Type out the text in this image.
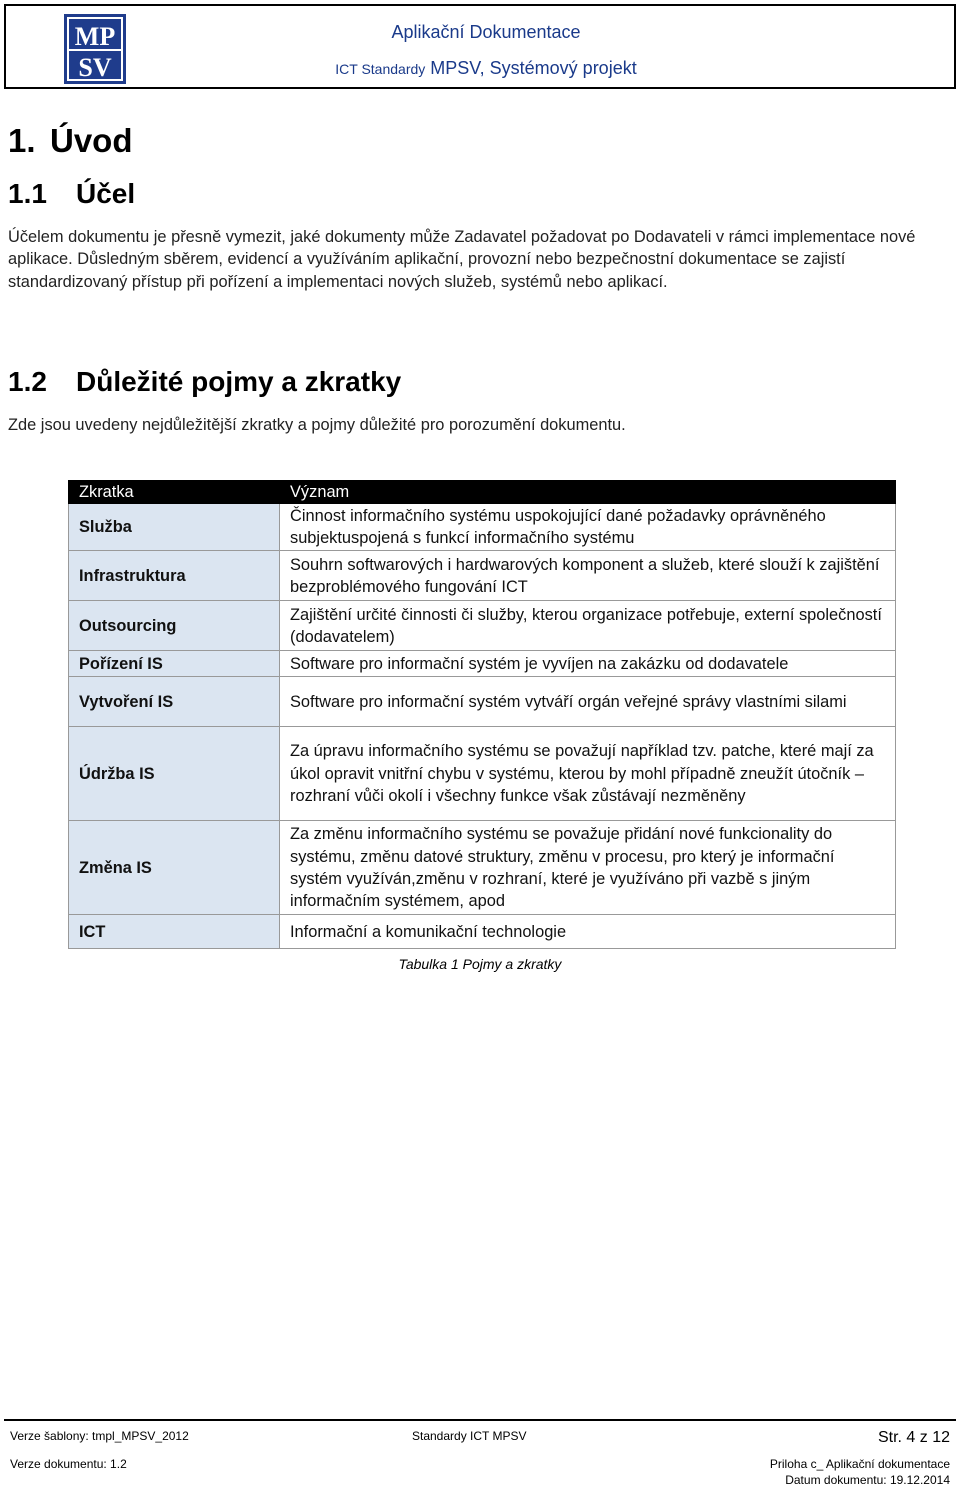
MP
SV
Aplikační Dokumentace
ICT Standardy MPSV, Systémový projekt
1. Úvod
1.1 Účel
Účelem dokumentu je přesně vymezit, jaké dokumenty může Zadavatel požadovat po Dodavateli v rámci implementace nové aplikace. Důsledným sběrem, evidencí a využíváním aplikační, provozní nebo bezpečnostní dokumentace se zajistí standardizovaný přístup při pořízení a implementaci nových služeb, systémů nebo aplikací.
1.2 Důležité pojmy a zkratky
Zde jsou uvedeny nejdůležitější zkratky a pojmy důležité pro porozumění dokumentu.
Zkratka	Význam
Služba	Činnost informačního systému uspokojující dané požadavky oprávněného subjektuspojená s funkcí informačního systému
Infrastruktura	Souhrn softwarových i hardwarových komponent a služeb, které slouží k zajištění bezproblémového fungování ICT
Outsourcing	Zajištění určité činnosti či služby, kterou organizace potřebuje, externí společností (dodavatelem)
Pořízení IS	Software pro informační systém je vyvíjen na zakázku od dodavatele
Vytvoření IS	Software pro informační systém vytváří orgán veřejné správy vlastními silami
Údržba IS	Za úpravu informačního systému se považují například tzv. patche, které mají za úkol opravit vnitřní chybu v systému, kterou by mohl případně zneužít útočník – rozhraní vůči okolí i všechny funkce však zůstávají nezměněny
Změna IS	Za změnu informačního systému se považuje přidání nové funkcionality do systému, změnu datové struktury, změnu v procesu, pro který je informační systém využíván,změnu v rozhraní, které je využíváno při vazbě s jiným informačním systémem, apod
ICT	Informační a komunikační technologie
Tabulka 1 Pojmy a zkratky
Verze šablony: tmpl_MPSV_2012	Standardy ICT MPSV	Str. 4 z 12
Verze dokumentu: 1.2	Priloha c_ Aplikační dokumentace
Datum dokumentu: 19.12.2014
